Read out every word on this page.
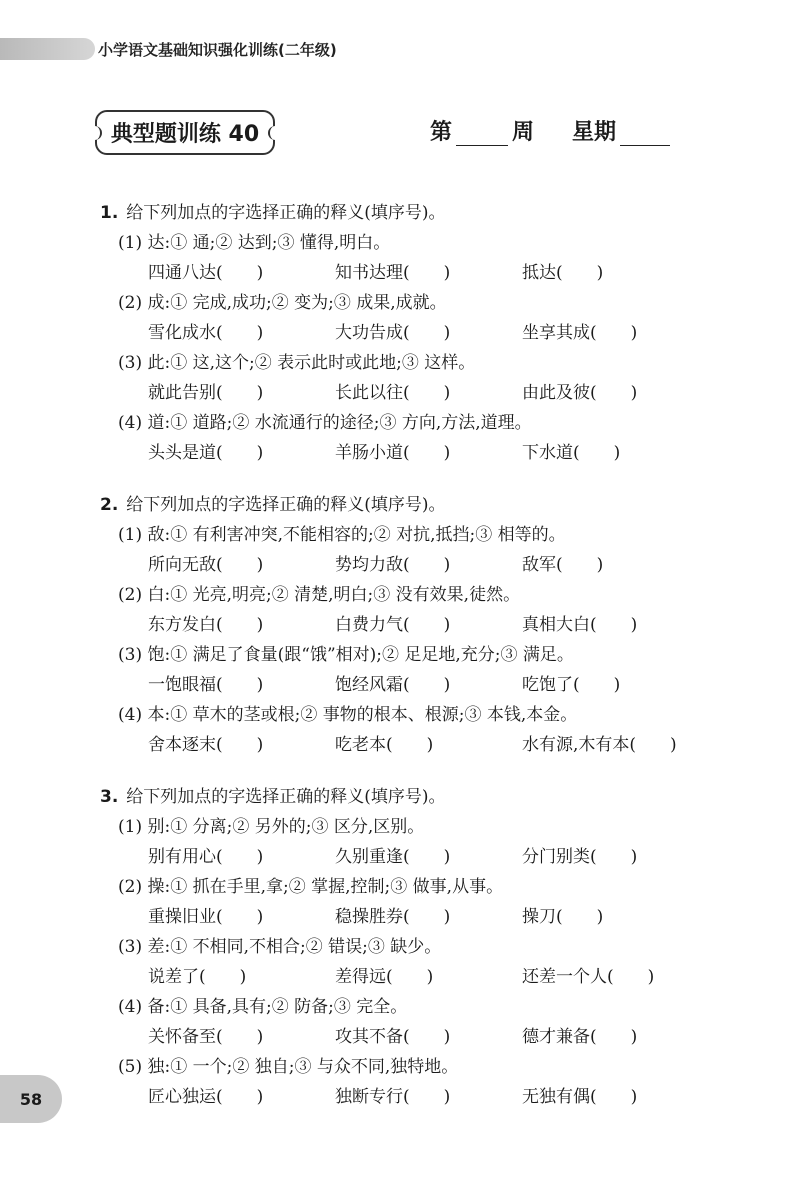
小学语文基础知识强化训练(二年级)
典型题训练 40	第	周 星期
1. 给下列加点的字选择正确的释义(填序号)。
(1) 达:① 通;② 达到;③ 懂得,明白。
四通八达(　　)	知书达理(　　)	抵达(　　)
(2) 成:① 完成,成功;② 变为;③ 成果,成就。
雪化成水(　　)	大功告成(　　)	坐享其成(　　)
(3) 此:① 这,这个;② 表示此时或此地;③ 这样。
就此告别(　　)	长此以往(　　)	由此及彼(　　)
(4) 道:① 道路;② 水流通行的途径;③ 方向,方法,道理。
头头是道(　　)	羊肠小道(　　)	下水道(　　)
2. 给下列加点的字选择正确的释义(填序号)。
(1) 敌:① 有利害冲突,不能相容的;② 对抗,抵挡;③ 相等的。
所向无敌(　　)	势均力敌(　　)	敌军(　　)
(2) 白:① 光亮,明亮;② 清楚,明白;③ 没有效果,徒然。
东方发白(　　)	白费力气(　　)	真相大白(　　)
(3) 饱:① 满足了食量(跟“饿”相对);② 足足地,充分;③ 满足。
一饱眼福(　　)	饱经风霜(　　)	吃饱了(　　)
(4) 本:① 草木的茎或根;② 事物的根本、根源;③ 本钱,本金。
舍本逐末(　　)	吃老本(　　)	水有源,木有本(　　)
3. 给下列加点的字选择正确的释义(填序号)。
(1) 别:① 分离;② 另外的;③ 区分,区别。
别有用心(　　)	久别重逢(　　)	分门别类(　　)
(2) 操:① 抓在手里,拿;② 掌握,控制;③ 做事,从事。
重操旧业(　　)	稳操胜券(　　)	操刀(　　)
(3) 差:① 不相同,不相合;② 错误;③ 缺少。
说差了(　　)	差得远(　　)	还差一个人(　　)
(4) 备:① 具备,具有;② 防备;③ 完全。
关怀备至(　　)	攻其不备(　　)	德才兼备(　　)
(5) 独:① 一个;② 独自;③ 与众不同,独特地。
匠心独运(　　)	独断专行(　　)	无独有偶(　　)
58
